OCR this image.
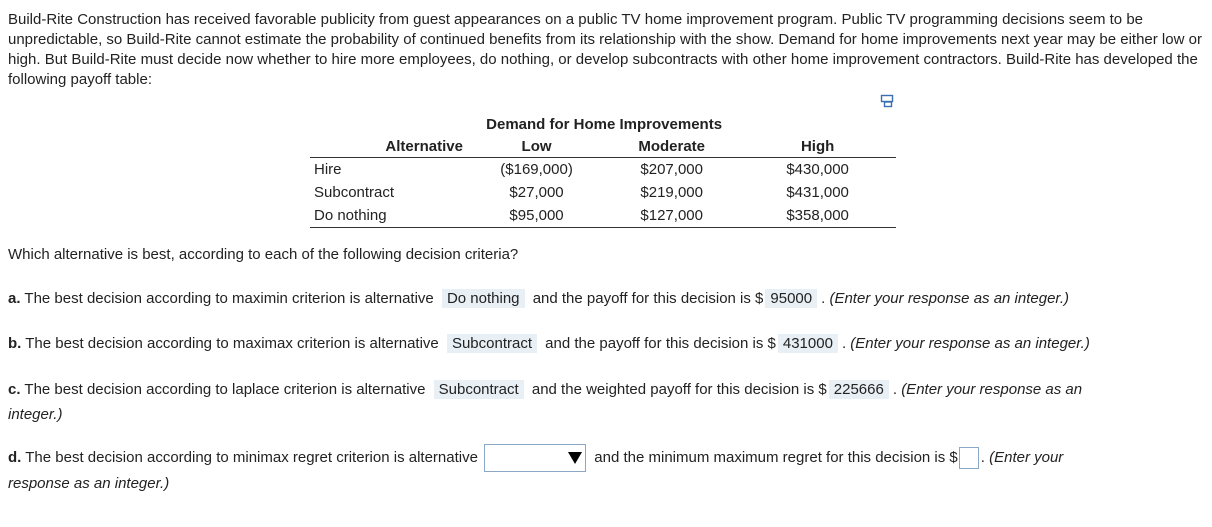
Build-Rite Construction has received favorable publicity from guest appearances on a public TV home improvement program. Public TV programming decisions seem to be unpredictable, so Build-Rite cannot estimate the probability of continued benefits from its relationship with the show. Demand for home improvements next year may be either low or high. But Build-Rite must decide now whether to hire more employees, do nothing, or develop subcontracts with other home improvement contractors. Build-Rite has developed the following payoff table:

	Demand for Home Improvements		
Alternative	Low	Moderate	High
Hire	($169,000)	$207,000	$430,000
Subcontract	$27,000	$219,000	$431,000
Do nothing	$95,000	$127,000	$358,000
Which alternative is best, according to each of the following decision criteria?
a. The best decision according to maximin criterion is alternative Do nothing and the payoff for this decision is $ 95000 . (Enter your response as an integer.)
b. The best decision according to maximax criterion is alternative Subcontract and the payoff for this decision is $ 431000 . (Enter your response as an integer.)
c. The best decision according to laplace criterion is alternative Subcontract and the weighted payoff for this decision is $ 225666 . (Enter your response as an
integer.)
d. The best decision according to minimax regret criterion is alternative	and the minimum maximum regret for this decision is $ . (Enter your
response as an integer.)
